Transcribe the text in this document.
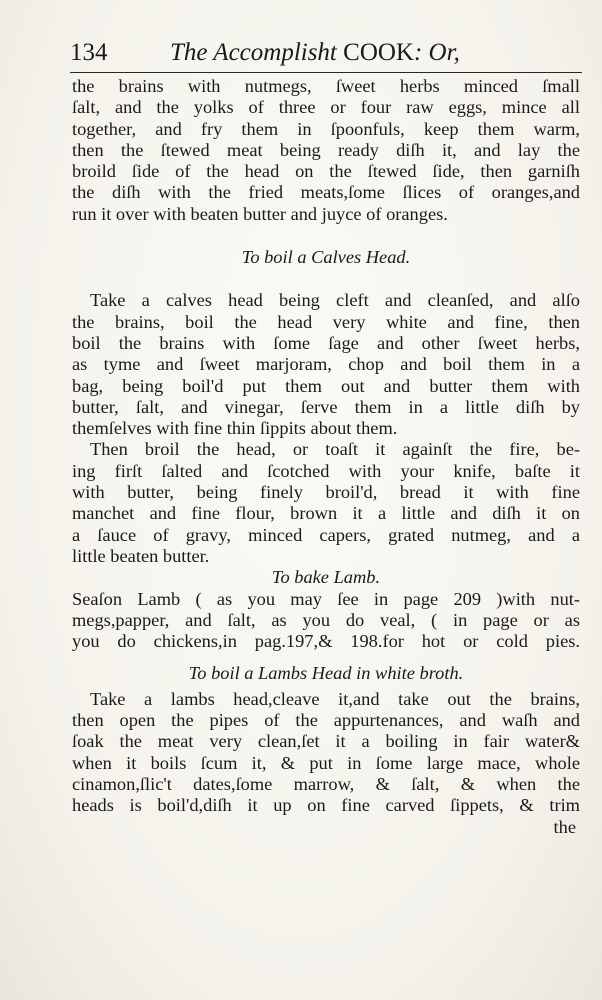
134	The Accomplisht COOK: Or,
the brains with nutmegs, ſweet herbs minced ſmall
ſalt, and the yolks of three or four raw eggs, mince all
together, and fry them in ſpoonfuls, keep them warm,
then the ſtewed meat being ready diſh it, and lay the
broild ſide of the head on the ſtewed ſide, then garniſh
the diſh with the fried meats,ſome ſlices of oranges,and
run it over with beaten butter and juyce of oranges.
To boil a Calves Head.
Take a calves head being cleft and cleanſed, and alſo
the brains, boil the head very white and fine, then
boil the brains with ſome ſage and other ſweet herbs,
as tyme and ſweet marjoram, chop and boil them in a
bag, being boil'd put them out and butter them with
butter, ſalt, and vinegar, ſerve them in a little diſh by
themſelves with fine thin ſippits about them.
Then broil the head, or toaſt it againſt the fire, be-
ing firſt ſalted and ſcotched with your knife, baſte it
with butter, being finely broil'd, bread it with fine
manchet and fine flour, brown it a little and diſh it on
a ſauce of gravy, minced capers, grated nutmeg, and a
little beaten butter.
To bake Lamb.
Seaſon Lamb ( as you may ſee in page 209 )with nut-
megs,papper, and ſalt, as you do veal, ( in page or as
you do chickens,in pag.197,& 198.for hot or cold pies.
To boil a Lambs Head in white broth.
Take a lambs head,cleave it,and take out the brains,
then open the pipes of the appurtenances, and waſh and
ſoak the meat very clean,ſet it a boiling in fair water&
when it boils ſcum it, & put in ſome large mace, whole
cinamon,ſlic't dates,ſome marrow, & ſalt, & when the
heads is boil'd,diſh it up on fine carved ſippets, & trim
the
